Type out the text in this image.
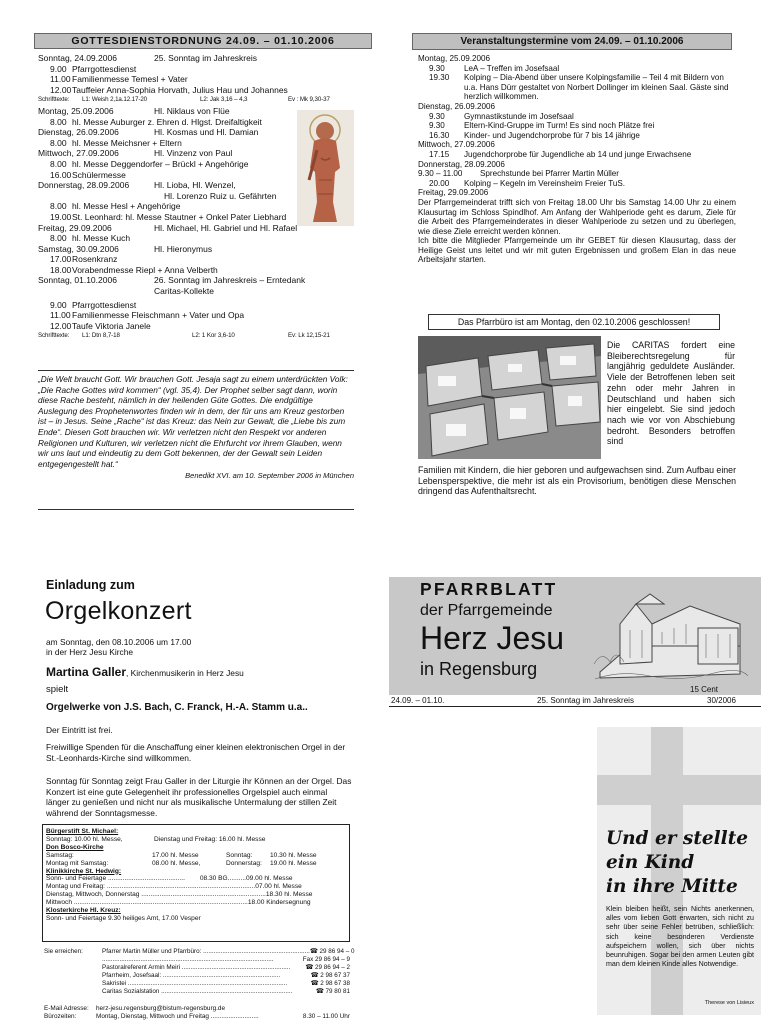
GOTTESDIENSTORDNUNG 24.09. – 01.10.2006
Sonntag, 24.09.2006	25. Sonntag im Jahreskreis
9.00 Pfarrgottesdienst
11.00 Familienmesse Temesl + Vater
12.00 Tauffeier Anna-Sophia Horvath, Julius Hau und Johannes
Schrifttexte:	L1: Weish 2,1a.12.17-20	L2: Jak 3,16 – 4,3	Ev : Mk 9,30-37
Montag, 25.09.2006	Hl. Niklaus von Flüe
8.00 hl. Messe Auburger z. Ehren d. Hlgst. Dreifaltigkeit
Dienstag, 26.09.2006	Hl. Kosmas und Hl. Damian
8.00 hl. Messe Meichsner + Eltern
Mittwoch, 27.09.2006	Hl. Vinzenz von Paul
8.00 hl. Messe Deggendorfer – Brückl + Angehörige
16.00 Schülermesse
Donnerstag, 28.09.2006	Hl. Lioba, Hl. Wenzel,
Hl. Lorenzo Ruiz u. Gefährten
8.00 hl. Messe Hesl + Angehörige
19.00 St. Leonhard: hl. Messe Stautner + Onkel Pater Liebhard
Freitag, 29.09.2006	Hl. Michael, Hl. Gabriel und Hl. Rafael
8.00 hl. Messe Kuch
Samstag, 30.09.2006	Hl. Hieronymus
17.00 Rosenkranz
18.00 Vorabendmesse Riepl + Anna Velberth
Sonntag, 01.10.2006	26. Sonntag im Jahreskreis – Erntedank
Caritas-Kollekte
9.00 Pfarrgottesdienst
11.00 Familienmesse Fleischmann + Vater und Opa
12.00 Taufe Viktoria Janele
Schrifttexte:	L1: Dtn 8,7-18	L2: 1 Kor 3,6-10	Ev: Lk 12,15-21
„Die Welt braucht Gott. Wir brauchen Gott. Jesaja sagt zu einem unterdrückten Volk: „Die Rache Gottes wird kommen“ (vgl. 35,4). Der Prophet selber sagt dann, worin diese Rache besteht, nämlich in der heilenden Güte Gottes. Die endgültige Auslegung des Prophetenwortes finden wir in dem, der für uns am Kreuz gestorben ist – in Jesus. Seine „Rache“ ist das Kreuz: das Nein zur Gewalt, die „Liebe bis zum Ende“. Diesen Gott brauchen wir. Wir verletzen nicht den Respekt vor anderen Religionen und Kulturen, wir verletzen nicht die Ehrfurcht vor ihrem Glauben, wenn wir uns laut und eindeutig zu dem Gott bekennen, der der Gewalt sein Leiden entgegengestellt hat.“
Benedikt XVI. am 10. September 2006 in München
Veranstaltungstermine vom 24.09. – 01.10.2006
Montag, 25.09.2006
9.30	LeA – Treffen im Josefsaal
19.30	Kolping – Dia-Abend über unsere Kolpingsfamilie – Teil 4 mit Bildern von u.a. Hans Dürr gestaltet von Norbert Dollinger im kleinen Saal. Gäste sind herzlich willkommen.
Dienstag, 26.09.2006
9.30	Gymnastikstunde im Josefsaal
9.30	Eltern-Kind-Gruppe im Turm! Es sind noch Plätze frei
16.30	Kinder- und Jugendchorprobe für 7 bis 14 jährige
Mittwoch, 27.09.2006
17.15	Jugendchorprobe für Jugendliche ab 14 und junge Erwachsene
Donnerstag, 28.09.2006
9.30 – 11.00	Sprechstunde bei Pfarrer Martin Müller
20.00	Kolping – Kegeln im Vereinsheim Freier TuS.
Freitag, 29.09.2006
Der Pfarrgemeinderat trifft sich von Freitag 18.00 Uhr bis Samstag 14.00 Uhr zu einem Klausurtag im Schloss Spindlhof. Am Anfang der Wahlperiode geht es darum, Ziele für die Arbeit des Pfarrgemeinderates in dieser Wahlperiode zu setzen und zu überlegen, wie diese Ziele erreicht werden können.
Ich bitte die Mitglieder Pfarrgemeinde um ihr GEBET für diesen Klausurtag, dass der Heilige Geist uns leitet und wir mit guten Ergebnissen und großem Elan in das neue Arbeitsjahr starten.
Das Pfarrbüro ist am Montag, den 02.10.2006 geschlossen!
Die CARITAS fordert eine Bleiberechtsregelung für langjährig geduldete Ausländer. Viele der Betroffenen leben seit zehn oder mehr Jahren in Deutschland und haben sich hier eingelebt. Sie sind jedoch nach wie vor von Abschiebung bedroht. Besonders betroffen sind
Familien mit Kindern, die hier geboren und aufgewachsen sind. Zum Aufbau einer Lebensperspektive, die mehr ist als ein Provisorium, benötigen diese Menschen dringend das Aufenthaltsrecht.
Einladung zum
Orgelkonzert
am Sonntag, den 08.10.2006 um 17.00
in der Herz Jesu Kirche
Martina Galler, Kirchenmusikerin in Herz Jesu
spielt
Orgelwerke von J.S. Bach, C. Franck, H.-A. Stamm u.a..
Der Eintritt ist frei.
Freiwillige Spenden für die Anschaffung einer kleinen elektronischen Orgel in der St.-Leonhards-Kirche sind willkommen.
Sonntag für Sonntag zeigt Frau Galler in der Liturgie ihr Können an der Orgel. Das Konzert ist eine gute Gelegenheit ihr professionelles Orgelspiel auch einmal länger zu genießen und nicht nur als musikalische Untermalung der stillen Zeit während der Sonntagsmesse.
Bürgerstift St. Michael:
Sonntag: 10.00 hl. Messe,	Dienstag und Freitag: 16.00 hl. Messe
Don Bosco-Kirche
Samstag:	17.00 hl. Messe	Sonntag:	10.30 hl. Messe
Montag mit Samstag:	08.00 hl. Messe,	Donnerstag:	19.00 hl. Messe
Klinikkirche St. Hedwig:
Sonn- und Feiertage ..........................................	08.30 BG .......... 09.00 hl. Messe
Montag und Freitag: ................................................................................. 07.00 hl. Messe
Dienstag, Mittwoch, Donnerstag .................................................................... 18.30 hl. Messe
Mittwoch ............................................................................................... 18.00 Kindersegnung
Klosterkirche Hl. Kreuz:
Sonn- und Feiertage 9.30 heiliges Amt, 17.00 Vesper
Sie erreichen:	Pfarrer Martin Müller und Pfarrbüro: ............................................................. ☎ 29 86 94 – 0
..................................................................................................	Fax 29 86 94 – 9
Pastoralreferent Armin Meiri ..............................................................	☎ 29 86 94 – 2
Pfarrheim, Josefsaal: ...................................................................	☎ 2 98 67 37
Sakristei ...........................................................................................	☎ 2 98 67 38
Caritas Sozialstation ...........................................................................	☎ 79 80 81
E-Mail Adresse:	herz-jesu.regensburg@bistum-regensburg.de
Bürozeiten:	Montag, Dienstag, Mittwoch und Freitag ...........................	8.30 – 11.00 Uhr
PFARRBLATT
der Pfarrgemeinde
Herz Jesu
in Regensburg
15 Cent
24.09. – 01.10.	25. Sonntag im Jahreskreis	30/2006
Und er stellte
ein Kind
in ihre Mitte
Klein bleiben heißt, sein Nichts anerkennen, alles vom lieben Gott erwarten, sich nicht zu sehr über seine Fehler betrüben, schließlich: sich keine besonderen Verdienste aufspeichern wollen, sich über nichts beunruhigen. Sogar bei den armen Leuten gibt man dem kleinen Kinde alles Notwendige.
Therese von Lisieux
